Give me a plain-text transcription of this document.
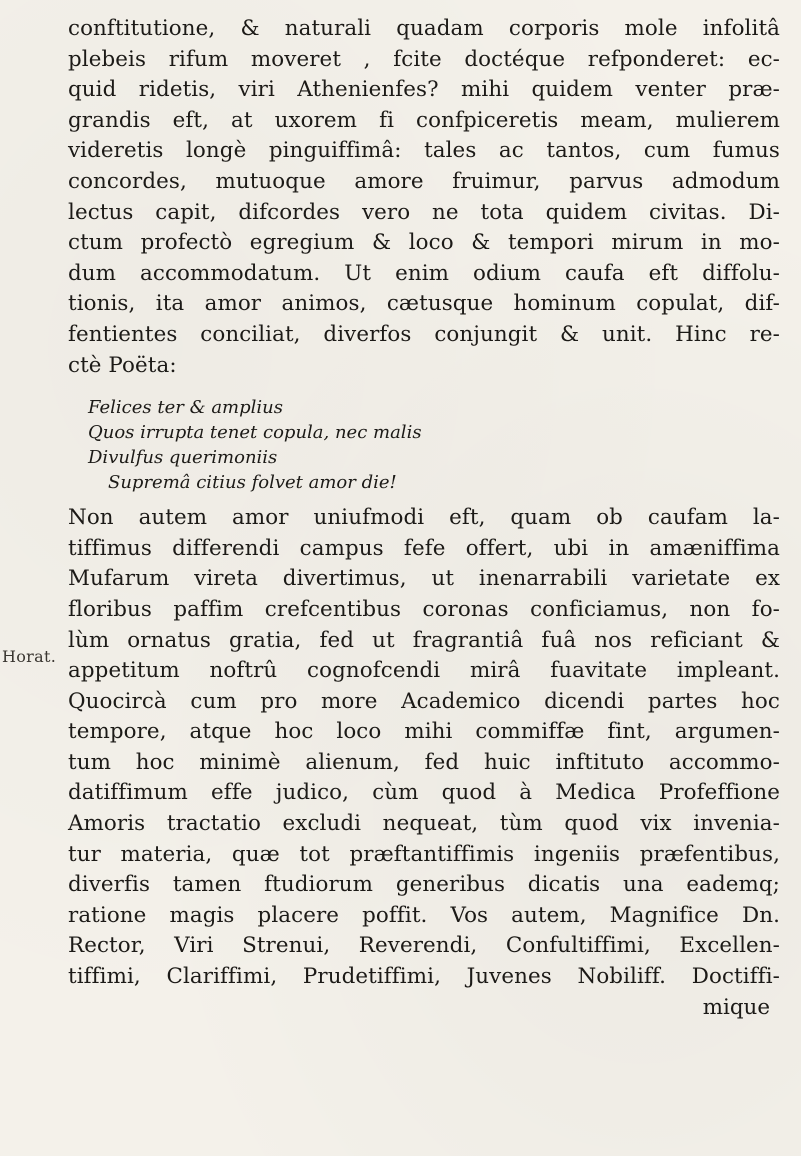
Horat.
conftitutione, & naturali quadam corporis mole infolitâ
plebeis rifum moveret , fcite doctéque refponderet: ec-
quid ridetis, viri Athenienfes? mihi quidem venter præ-
grandis eft, at uxorem fi confpiceretis meam, mulierem
videretis longè pinguiffimâ: tales ac tantos, cum fumus
concordes, mutuoque amore fruimur, parvus admodum
lectus capit, difcordes vero ne tota quidem civitas. Di-
ctum profectò egregium & loco & tempori mirum in mo-
dum accommodatum. Ut enim odium caufa eft diffolu-
tionis, ita amor animos, cætusque hominum copulat, dif-
fentientes conciliat, diverfos conjungit & unit. Hinc re-
ctè Poëta:
Felices ter & amplius
Quos irrupta tenet copula, nec malis
Divulfus querimoniis
Supremâ citius folvet amor die!
Non autem amor uniufmodi eft, quam ob caufam la-
tiffimus differendi campus fefe offert, ubi in amæniffima
Mufarum vireta divertimus, ut inenarrabili varietate ex
floribus paffim crefcentibus coronas conficiamus, non fo-
lùm ornatus gratia, fed ut fragrantiâ fuâ nos reficiant &
appetitum noftrû cognofcendi mirâ fuavitate impleant.
Quocircà cum pro more Academico dicendi partes hoc
tempore, atque hoc loco mihi commiffæ fint, argumen-
tum hoc minimè alienum, fed huic inftituto accommo-
datiffimum effe judico, cùm quod à Medica Profeffione
Amoris tractatio excludi nequeat, tùm quod vix invenia-
tur materia, quæ tot præftantiffimis ingeniis præfentibus,
diverfis tamen ftudiorum generibus dicatis una eademq;
ratione magis placere poffit. Vos autem, Magnifice Dn.
Rector, Viri Strenui, Reverendi, Confultiffimi, Excellen-
tiffimi, Clariffimi, Prudetiffimi, Juvenes Nobiliff. Doctiffi-
mique
